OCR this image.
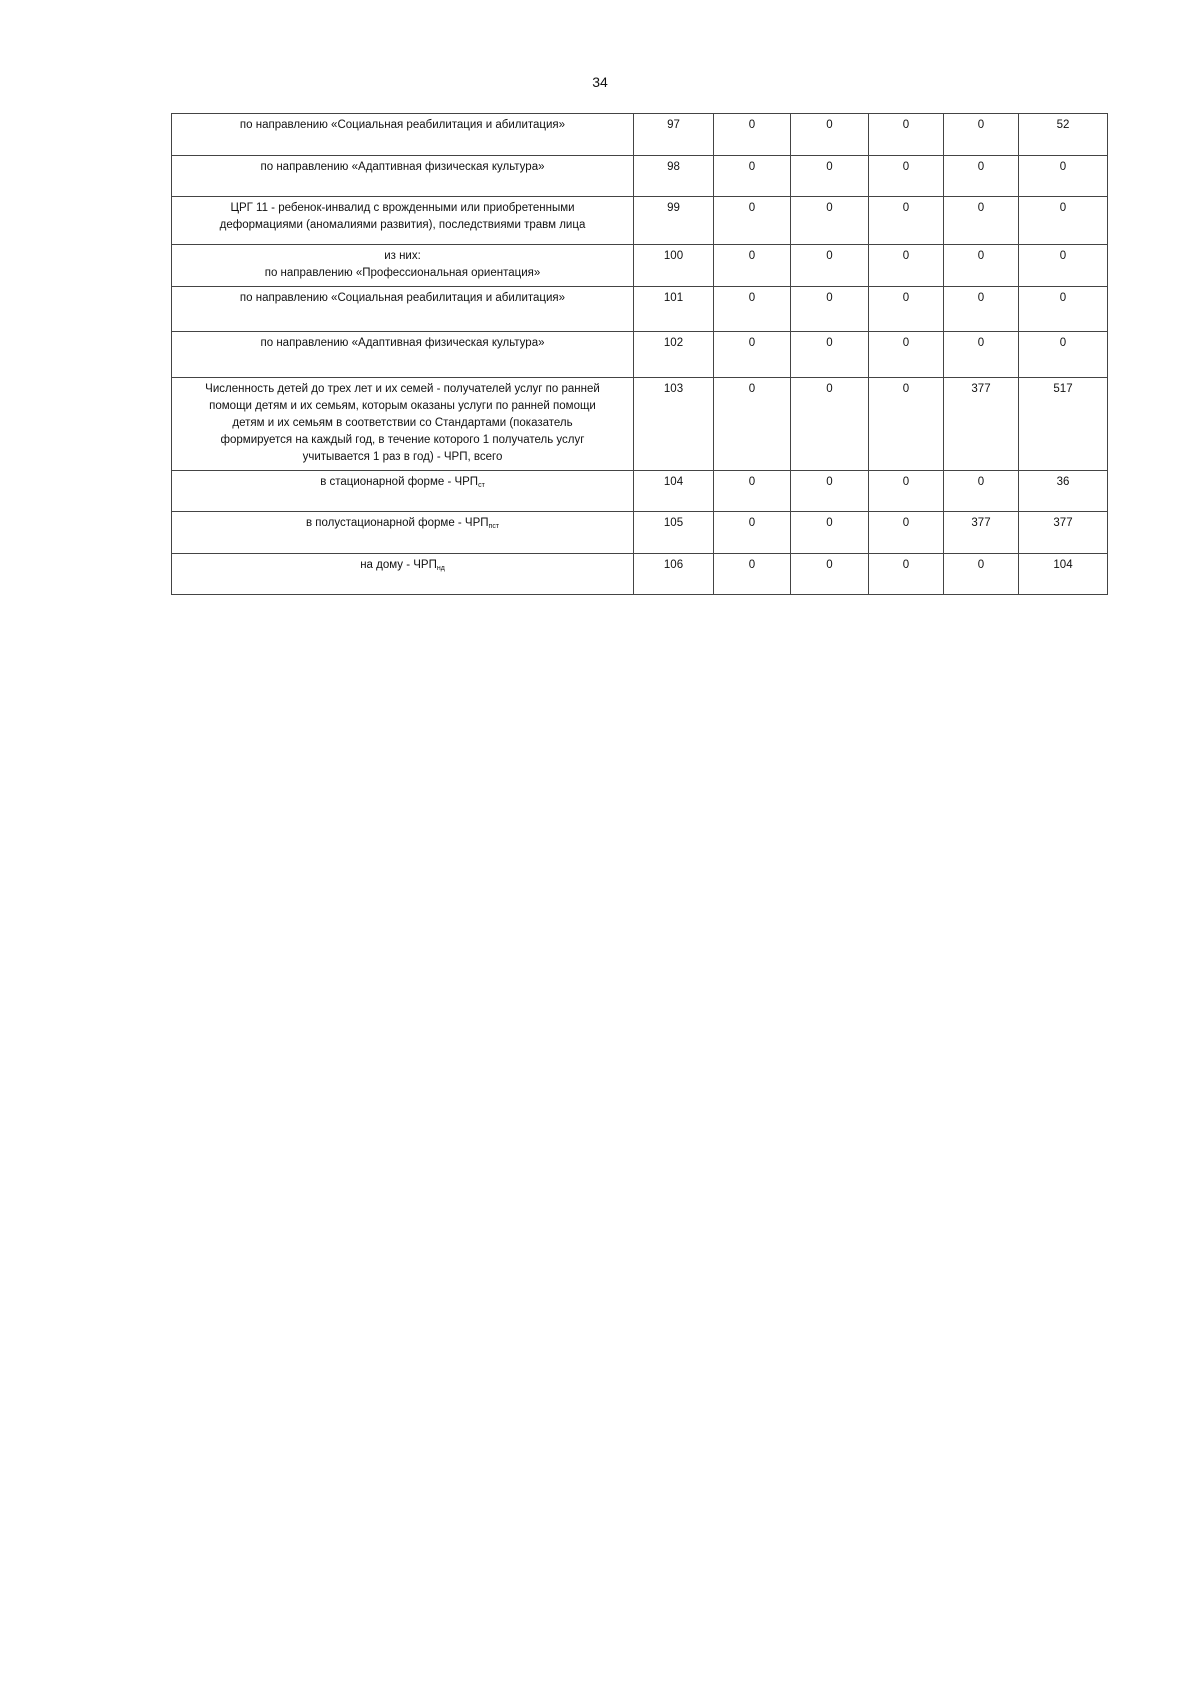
34
по направлению «Социальная реабилитация и абилитация»	97	0	0	0	0	52

по направлению «Адаптивная физическая культура»	98	0	0	0	0	0

ЦРГ 11 - ребенок-инвалид с врожденными или приобретенными
деформациями (аномалиями развития), последствиями травм лица	99	0	0	0	0	0

из них:
по направлению «Профессиональная ориентация»	100	0	0	0	0	0

по направлению «Социальная реабилитация и абилитация»	101	0	0	0	0	0

по направлению «Адаптивная физическая культура»	102	0	0	0	0	0

Численность детей до трех лет и их семей - получателей услуг по ранней
помощи детям и их семьям, которым оказаны услуги по ранней помощи
детям и их семьям в соответствии со Стандартами (показатель
формируется на каждый год, в течение которого 1 получатель услуг
учитывается 1 раз в год) - ЧРП, всего	103	0	0	0	377	517

в стационарной форме - $ЧРП_{ст}$	104	0	0	0	0	36

в полустационарной форме - $ЧРП_{пст}$	105	0	0	0	377	377

на дому - $ЧРП_{нд}$	106	0	0	0	0	104
